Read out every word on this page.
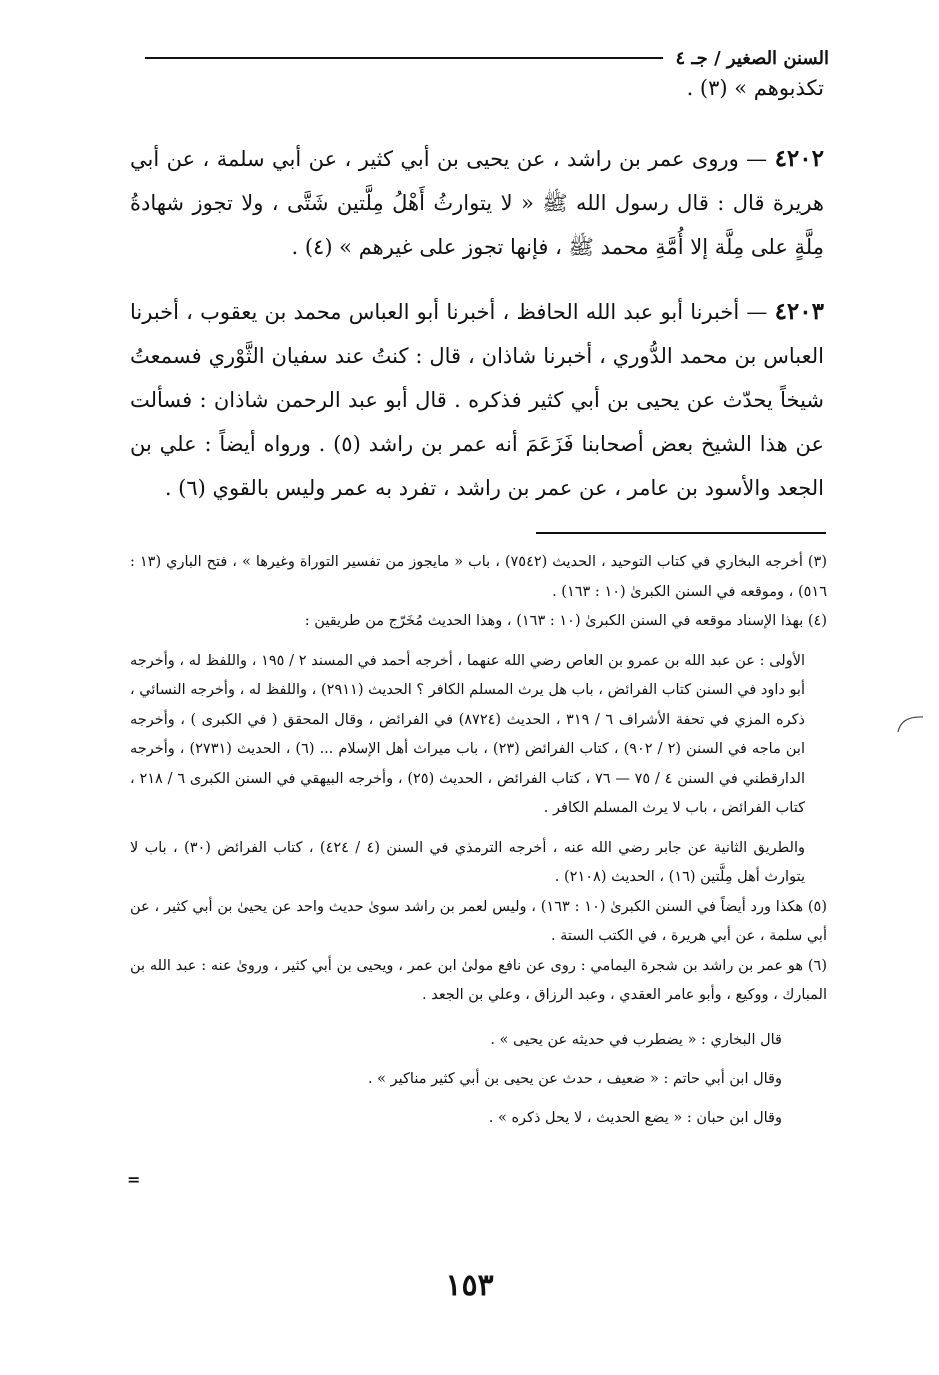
السنن الصغير / جـ ٤
تكذبوهم » (٣) .

٤٢٠٢ — وروى عمر بن راشد ، عن يحيى بن أبي كثير ، عن أبي سلمة ، عن أبي هريرة قال : قال رسول الله ﷺ « لا يتوارثُ أَهْلُ مِلَّتين شَتَّى ، ولا تجوز شهادةُ مِلَّةٍ على مِلَّة إلا أُمَّةِ محمد ﷺ ، فإنها تجوز على غيرهم » (٤) .

٤٢٠٣ — أخبرنا أبو عبد الله الحافظ ، أخبرنا أبو العباس محمد بن يعقوب ، أخبرنا العباس بن محمد الدُّوري ، أخبرنا شاذان ، قال : كنتُ عند سفيان الثَّوْري فسمعتُ شيخاً يحدّث عن يحيى بن أبي كثير فذكره . قال أبو عبد الرحمن شاذان : فسألت عن هذا الشيخ بعض أصحابنا فَزَعَمَ أنه عمر بن راشد (٥) . ورواه أيضاً : علي بن الجعد والأسود بن عامر ، عن عمر بن راشد ، تفرد به عمر وليس بالقوي (٦) .

(٣) أخرجه البخاري في كتاب التوحيد ، الحديث (٧٥٤٢) ، باب « مايجوز من تفسير التوراة وغيرها » ، فتح الباري (١٣ : ٥١٦) ، وموقعه في السنن الكبرىٰ (١٠ : ١٦٣) .

(٤) بهذا الإسناد موقعه في السنن الكبرىٰ (١٠ : ١٦٣) ، وهذا الحديث مُخَرّج من طريقين :

الأولى : عن عبد الله بن عمرو بن العاص رضي الله عنهما ، أخرجه أحمد في المسند ٢ / ١٩٥ ، واللفظ له ، وأخرجه أبو داود في السنن كتاب الفرائض ، باب هل يرث المسلم الكافر ؟ الحديث (٢٩١١) ، واللفظ له ، وأخرجه النسائي ، ذكره المزي في تحفة الأشراف ٦ / ٣١٩ ، الحديث (٨٧٢٤) في الفرائض ، وقال المحقق ( في الكبرى ) ، وأخرجه ابن ماجه في السنن (٢ / ٩٠٢) ، كتاب الفرائض (٢٣) ، باب ميراث أهل الإسلام ... (٦) ، الحديث (٢٧٣١) ، وأخرجه الدارقطني في السنن ٤ / ٧٥ — ٧٦ ، كتاب الفرائض ، الحديث (٢٥) ، وأخرجه البيهقي في السنن الكبرى ٦ / ٢١٨ ، كتاب الفرائض ، باب لا يرث المسلم الكافر .

والطريق الثانية عن جابر رضي الله عنه ، أخرجه الترمذي في السنن (٤ / ٤٢٤) ، كتاب الفرائض (٣٠) ، باب لا يتوارث أهل مِلَّتين (١٦) ، الحديث (٢١٠٨) .

(٥) هكذا ورد أيضاً في السنن الكبرىٰ (١٠ : ١٦٣) ، وليس لعمر بن راشد سوىٰ حديث واحد عن يحيىٰ بن أبي كثير ، عن أبي سلمة ، عن أبي هريرة ، في الكتب الستة .

(٦) هو عمر بن راشد بن شجرة اليمامي : روى عن نافع مولىٰ ابن عمر ، ويحيى بن أبي كثير ، وروىٰ عنه : عبد الله بن المبارك ، ووكيع ، وأبو عامر العقدي ، وعبد الرزاق ، وعلي بن الجعد .

قال البخاري : « يضطرب في حديثه عن يحيى » .

وقال ابن أبي حاتم : « ضعيف ، حدث عن يحيى بن أبي كثير مناكير » .

وقال ابن حبان : « يضع الحديث ، لا يحل ذكره » .

=
١٥٣
